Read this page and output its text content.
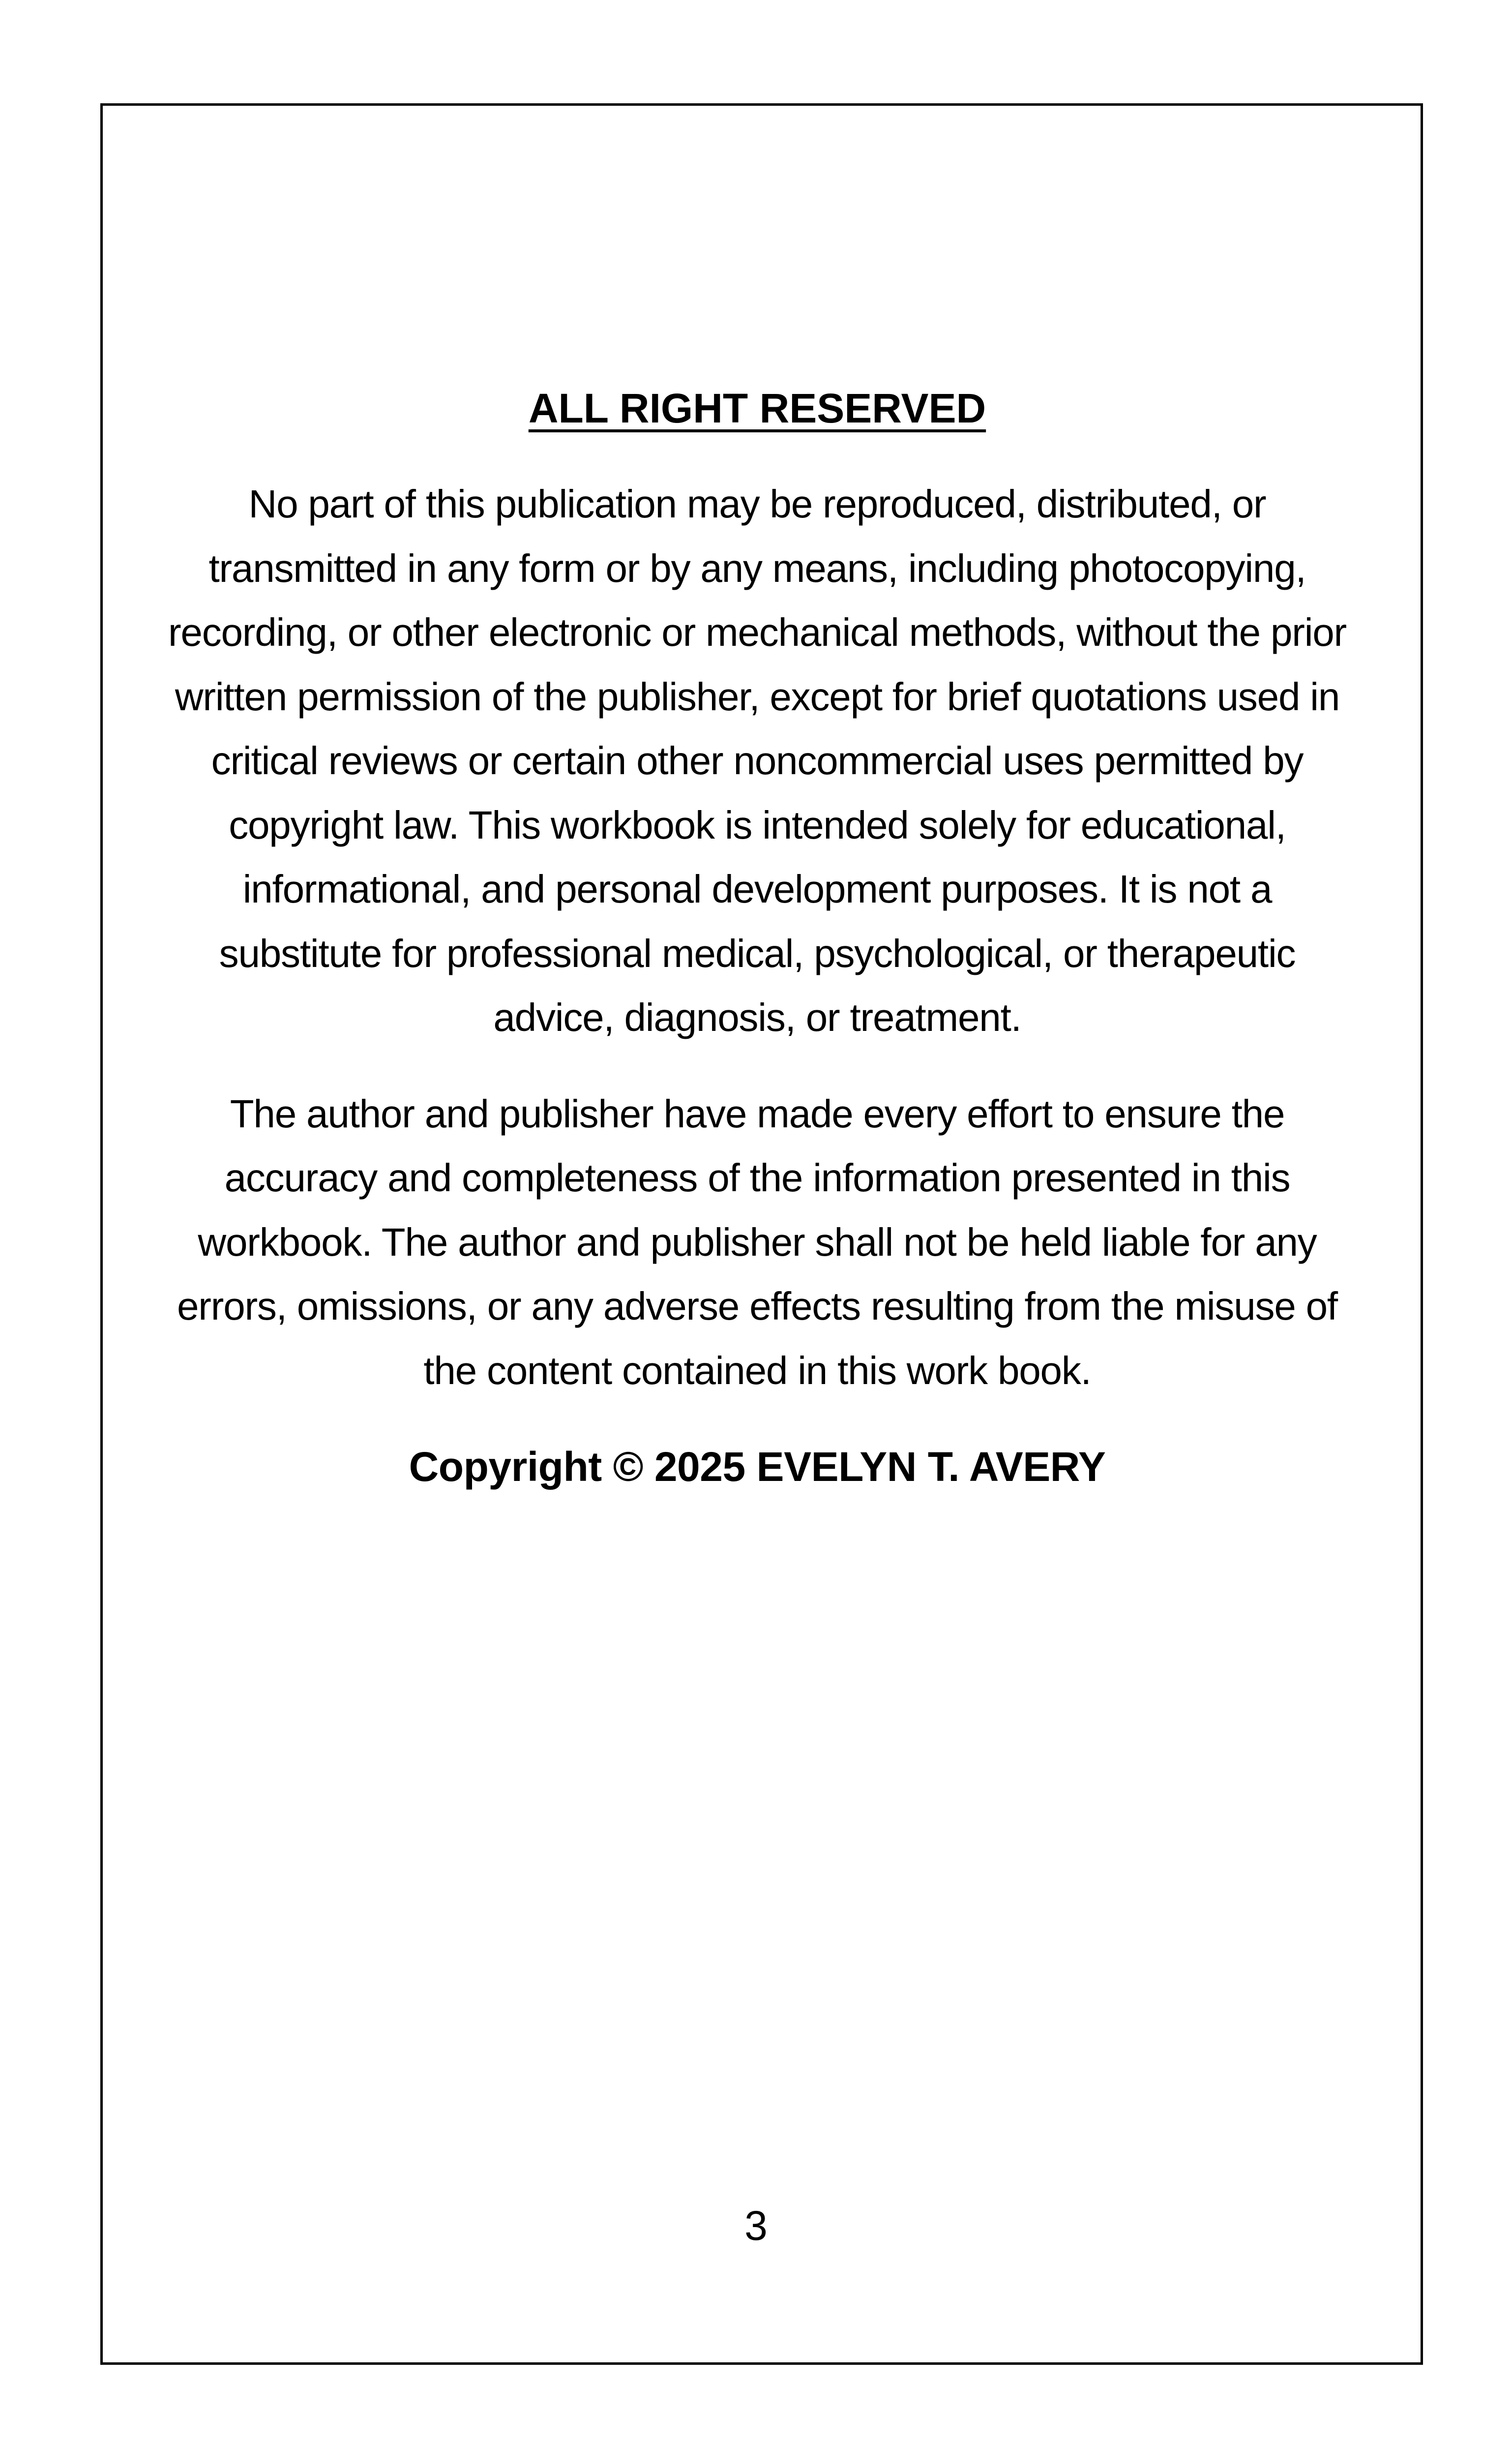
ALL RIGHT RESERVED

No part of this publication may be reproduced, distributed, or transmitted in any form or by any means, including photocopying, recording, or other electronic or mechanical methods, without the prior written permission of the publisher, except for brief quotations used in critical reviews or certain other noncommercial uses permitted by copyright law. This workbook is intended solely for educational, informational, and personal development purposes. It is not a substitute for professional medical, psychological, or therapeutic advice, diagnosis, or treatment.

The author and publisher have made every effort to ensure the accuracy and completeness of the information presented in this workbook. The author and publisher shall not be held liable for any errors, omissions, or any adverse effects resulting from the misuse of the content contained in this work book.

Copyright © 2025 EVELYN T. AVERY
3
